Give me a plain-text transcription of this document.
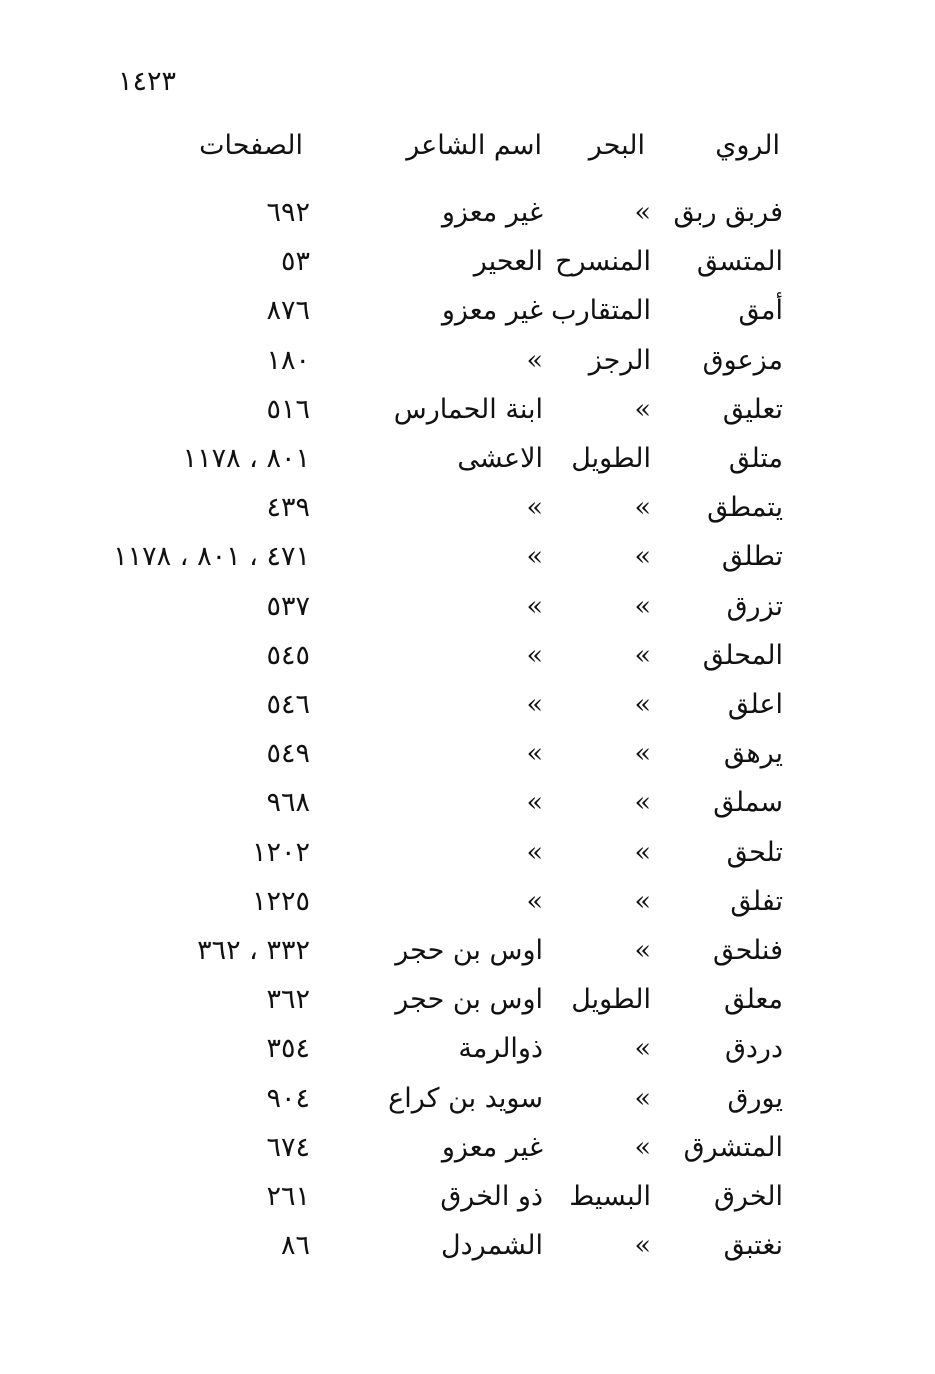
١٤٢٣
الروي
البحر
اسم الشاعر
الصفحات
فربق ربق
«
غير معزو
٦٩٢
المتسق
المنسرح
العحير
٥٣
أمق
المتقارب
غير معزو
٨٧٦
مزعوق
الرجز
«
١٨٠
تعليق
«
ابنة الحمارس
٥١٦
متلق
الطويل
الاعشى
٨٠١ ، ١١٧٨
يتمطق
«
«
٤٣٩
تطلق
«
«
٤٧١ ، ٨٠١ ، ١١٧٨
تزرق
«
«
٥٣٧
المحلق
«
«
٥٤٥
اعلق
«
«
٥٤٦
يرهق
«
«
٥٤٩
سملق
«
«
٩٦٨
تلحق
«
«
١٢٠٢
تفلق
«
«
١٢٢٥
فنلحق
«
اوس بن حجر
٣٣٢ ، ٣٦٢
معلق
الطويل
اوس بن حجر
٣٦٢
دردق
«
ذوالرمة
٣٥٤
يورق
«
سويد بن كراع
٩٠٤
المتشرق
«
غير معزو
٦٧٤
الخرق
البسيط
ذو الخرق
٢٦١
نغتبق
«
الشمردل
٨٦
